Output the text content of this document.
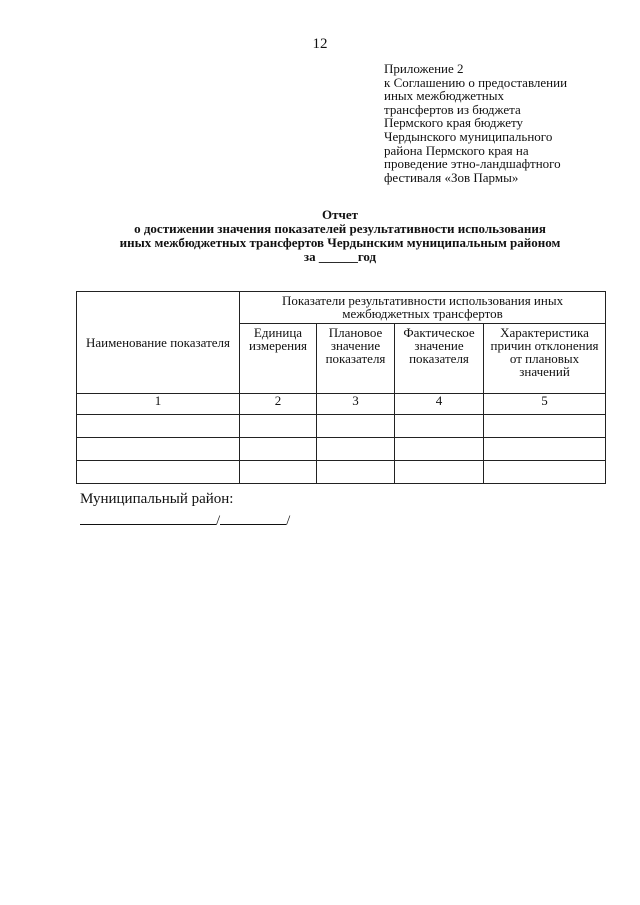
12
Приложение 2
к Соглашению о предоставлении
иных межбюджетных
трансфертов из бюджета
Пермского края бюджету
Чердынского муниципального
района Пермского края на
проведение этно-ландшафтного
фестиваля «Зов Пармы»
Отчет
о достижении значения показателей результативности использования
иных межбюджетных трансфертов Чердынским муниципальным районом
за ______год
Наименование показателя	Показатели результативности использования иных межбюджетных трансфертов			
	Единица измерения	Плановое значение показателя	Фактическое значение показателя	Характеристика причин отклонения от плановых значений
1	2	3	4	5

Муниципальный район:
/	/
